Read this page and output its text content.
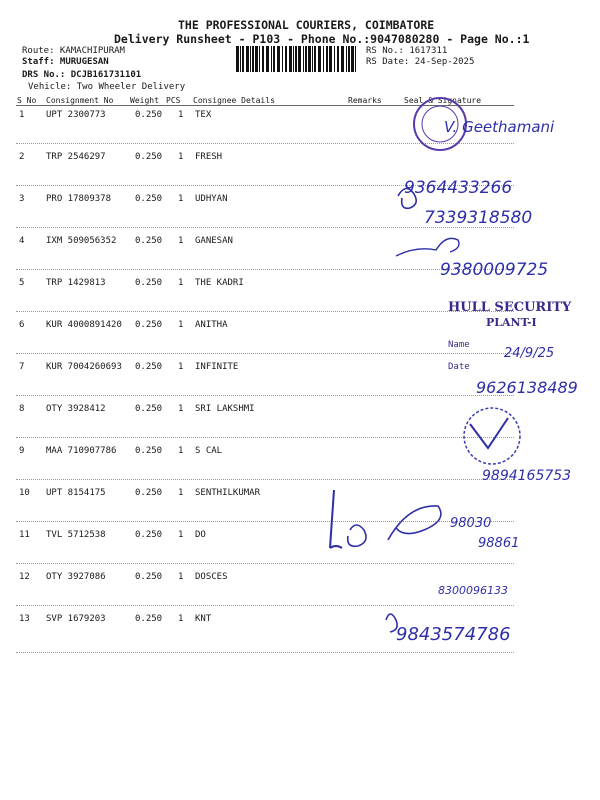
THE PROFESSIONAL COURIERS, COIMBATORE
Delivery Runsheet - P103 - Phone No.:9047080280 - Page No.:1
Route: KAMACHIPURAM
Staff: MURUGESAN
DRS No.: DCJB161731101
Vehicle: Two Wheeler Delivery
RS No.: 1617311
RS Date: 24-Sep-2025
S No Consignment No Weight PCS Consignee Details	Remarks	Seal & Signature
1 UPT 2300773	0.250 1 TEX
2 TRP 2546297	0.250 1 FRESH
3 PRO 17809378	0.250 1 UDHYAN
4 IXM 509056352 0.250 1 GANESAN
5 TRP 1429813	0.250 1 THE KADRI
6 KUR 4000891420 0.250 1 ANITHA
7 KUR 7004260693 0.250 1 INFINITE
8 OTY 3928412	0.250 1 SRI LAKSHMI
9 MAA 710907786 0.250 1 S CAL
10 UPT 8154175	0.250 1 SENTHILKUMAR
11 TVL 5712538	0.250 1 DO
12 OTY 3927086	0.250 1 DOSCES
13 SVP 1679203	0.250 1 KNT
V. Geethamani
9364433266
7339318580
9380009725
HULL SECURITY
PLANT-I
Name
Date
24/9/25
9626138489
9894165753
98030
98861
8300096133
9843574786
